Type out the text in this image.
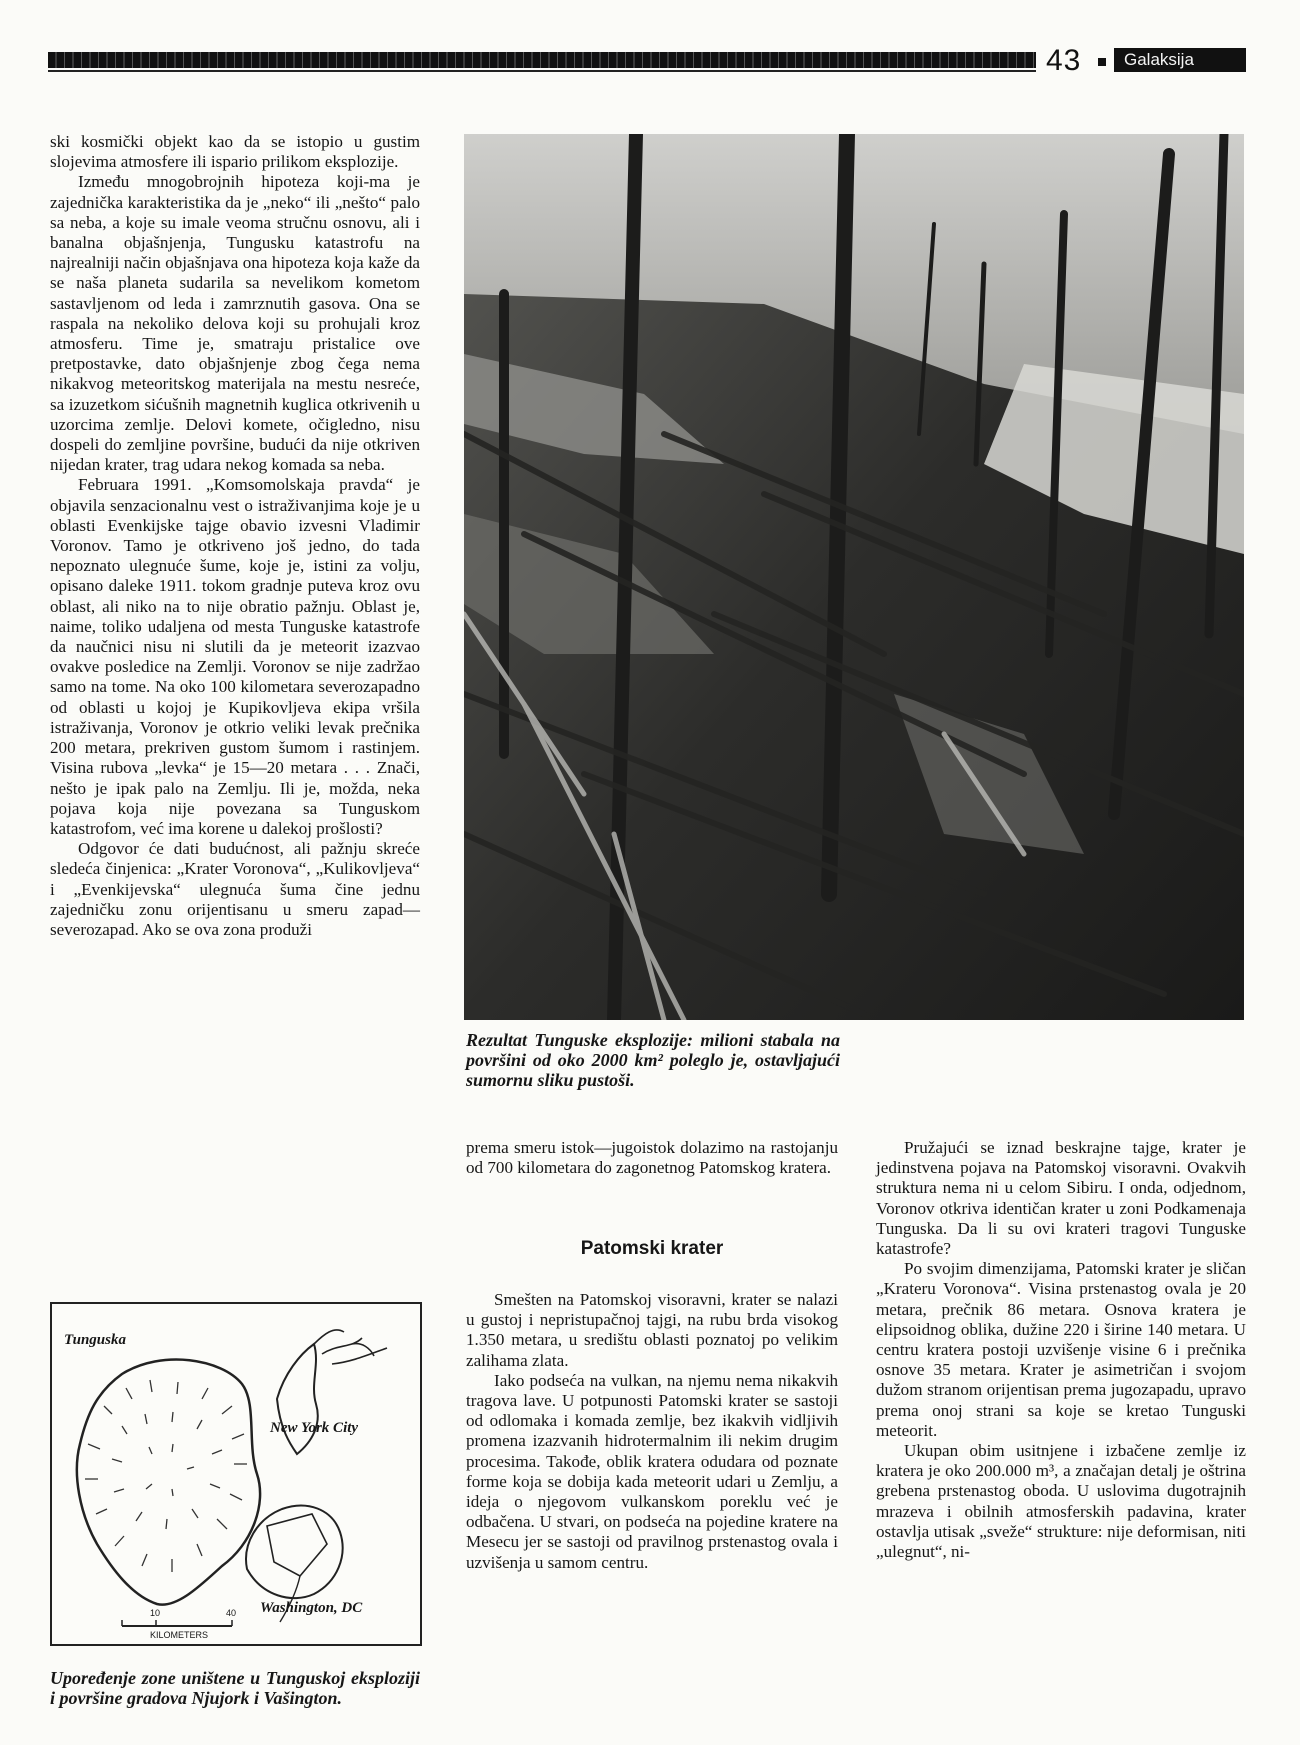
43	Galaksija

ski kosmički objekt kao da se istopio u gustim slojevima atmosfere ili ispario prilikom eksplozije.

Između mnogobrojnih hipoteza koji-ma je zajednička karakteristika da je „neko“ ili „nešto“ palo sa neba, a koje su imale veoma stručnu osnovu, ali i banalna objašnjenja, Tungusku katastrofu na najrealniji način objašnjava ona hipoteza koja kaže da se naša planeta sudarila sa nevelikom kometom sastavljenom od leda i zamrznutih gasova. Ona se raspala na nekoliko delova koji su prohujali kroz atmosferu. Time je, smatraju pristalice ove pretpostavke, dato objašnjenje zbog čega nema nikakvog meteoritskog materijala na mestu nesreće, sa izuzetkom sićušnih magnetnih kuglica otkrivenih u uzorcima zemlje. Delovi komete, očigledno, nisu dospeli do zemljine površine, budući da nije otkriven nijedan krater, trag udara nekog komada sa neba.

Februara 1991. „Komsomolskaja pravda“ je objavila senzacionalnu vest o istraživanjima koje je u oblasti Evenkijske tajge obavio izvesni Vladimir Voronov. Tamo je otkriveno još jedno, do tada nepoznato ulegnuće šume, koje je, istini za volju, opisano daleke 1911. tokom gradnje puteva kroz ovu oblast, ali niko na to nije obratio pažnju. Oblast je, naime, toliko udaljena od mesta Tunguske katastrofe da naučnici nisu ni slutili da je meteorit izazvao ovakve posledice na Zemlji. Voronov se nije zadržao samo na tome. Na oko 100 kilometara severozapadno od oblasti u kojoj je Kupikovljeva ekipa vršila istraživanja, Voronov je otkrio veliki levak prečnika 200 metara, prekriven gustom šumom i rastinjem. Visina rubova „levka“ je 15—20 metara . . . Znači, nešto je ipak palo na Zemlju. Ili je, možda, neka pojava koja nije povezana sa Tunguskom katastrofom, već ima korene u dalekoj prošlosti?

Odgovor će dati budućnost, ali pažnju skreće sledeća činjenica: „Krater Voronova“, „Kulikovljeva“ i „Evenkijevska“ ulegnuća šuma čine jednu zajedničku zonu orijentisanu u smeru zapad—severozapad. Ako se ova zona produži

Rezultat Tunguske eksplozije: milioni stabala na površini od oko 2000 km² poleglo je, ostavljajući sumornu sliku pustoši.

prema smeru istok—jugoistok dolazimo na rastojanju od 700 kilometara do zagonetnog Patomskog kratera.

Patomski krater

Smešten na Patomskoj visoravni, krater se nalazi u gustoj i nepristupačnoj tajgi, na rubu brda visokog 1.350 metara, u središtu oblasti poznatoj po velikim zalihama zlata.

Iako podseća na vulkan, na njemu nema nikakvih tragova lave. U potpunosti Patomski krater se sastoji od odlomaka i komada zemlje, bez ikakvih vidljivih promena izazvanih hidrotermalnim ili nekim drugim procesima. Takođe, oblik kratera odudara od poznate forme koja se dobija kada meteorit udari u Zemlju, a ideja o njegovom vulkanskom poreklu već je odbačena. U stvari, on podseća na pojedine kratere na Mesecu jer se sastoji od pravilnog prstenastog ovala i uzvišenja u samom centru.

Pružajući se iznad beskrajne tajge, krater je jedinstvena pojava na Patomskoj visoravni. Ovakvih struktura nema ni u celom Sibiru. I onda, odjednom, Voronov otkriva identičan krater u zoni Podkamenaja Tunguska. Da li su ovi krateri tragovi Tunguske katastrofe?

Po svojim dimenzijama, Patomski krater je sličan „Krateru Voronova“. Visina prstenastog ovala je 20 metara, prečnik 86 metara. Osnova kratera je elipsoidnog oblika, dužine 220 i širine 140 metara. U centru kratera postoji uzvišenje visine 6 i prečnika osnove 35 metara. Krater je asimetričan i svojom dužom stranom orijentisan prema jugozapadu, upravo prema onoj strani sa koje se kretao Tunguski meteorit.

Ukupan obim usitnjene i izbačene zemlje iz kratera je oko 200.000 m³, a značajan detalj je oštrina grebena prstenastog oboda. U uslovima dugotrajnih mrazeva i obilnih atmosferskih padavina, krater ostavlja utisak „sveže“ strukture: nije deformisan, niti „ulegnut“, ni-

Tunguska
New York City
Washington, DC
10	40
KILOMETERS
Upoređenje zone uništene u Tunguskoj eksploziji i površine gradova Njujork i Vašington.
